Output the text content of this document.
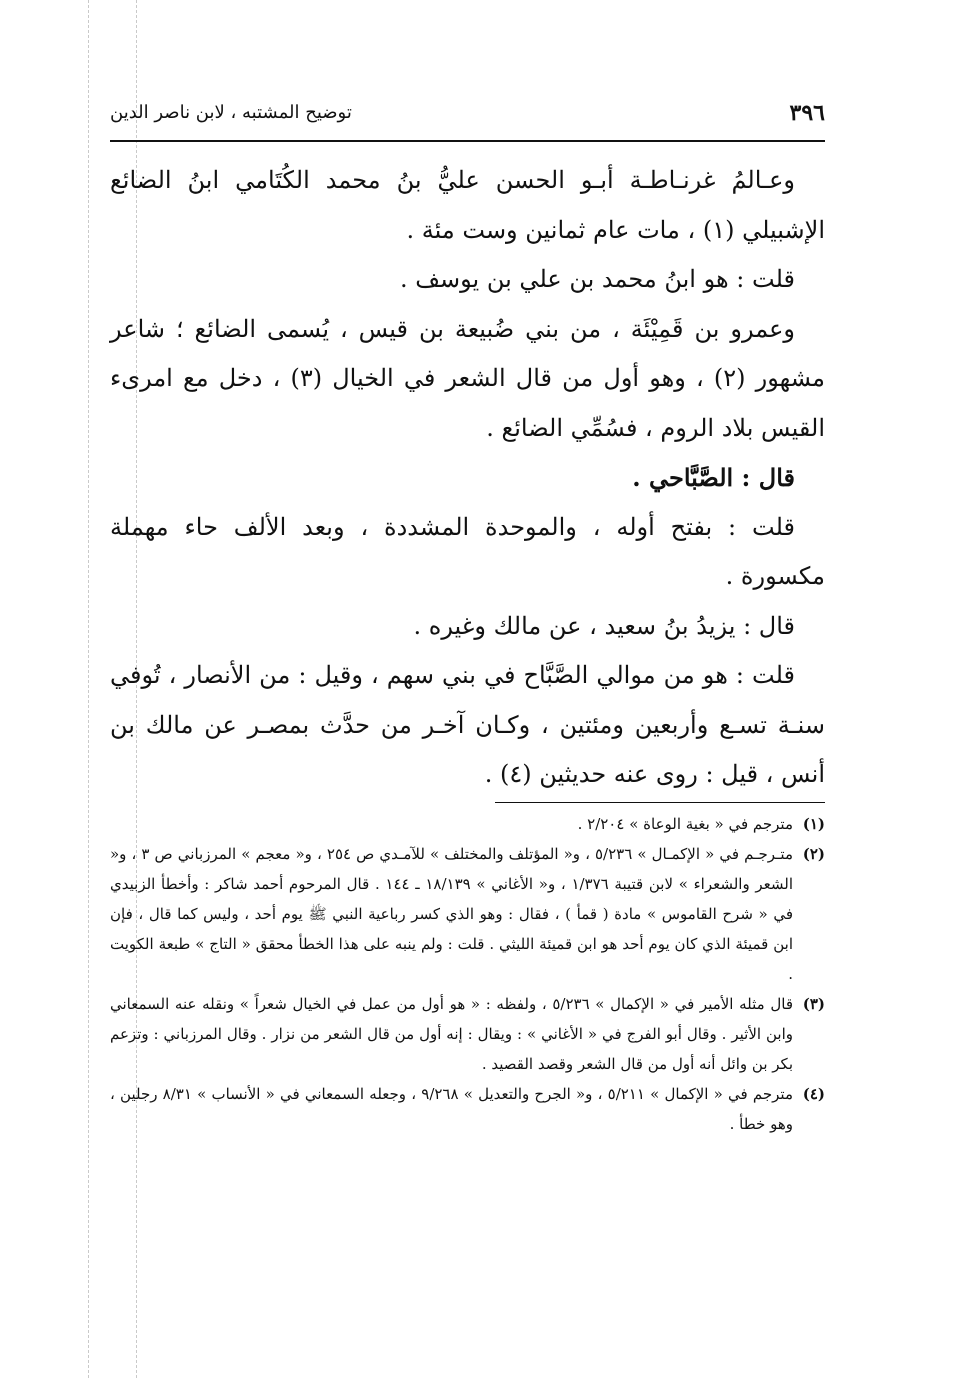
٣٩٦
توضيح المشتبه ، لابن ناصر الدين

وعـالمُ غرنـاطـة أبـو الحسن عليُّ بنُ محمد الكُتَامي ابنُ الضائع الإشبيلي (١) ، مات عام ثمانين وست مئة .

قلت : هو ابنُ محمد بن علي بن يوسف .

وعمرو بن قَمِيْئَة ، من بني ضُبيعة بن قيس ، يُسمى الضائع ؛ شاعر مشهور (٢) ، وهو أول من قال الشعر في الخيال (٣) ، دخل مع امرىء القيس بلاد الروم ، فسُمِّي الضائع .

قال : الصَّبَّاحي .

قلت : بفتح أوله ، والموحدة المشددة ، وبعد الألف حاء مهملة مكسورة .

قال : يزيدُ بنُ سعيد ، عن مالك وغيره .

قلت : هو من موالي الصَّبَّاح في بني سهم ، وقيل : من الأنصار ، تُوفي سنـة تسـع وأربعين ومئتين ، وكـان آخـر من حدَّث بمصـر عن مالك بن أنس ، قيل : روى عنه حديثين (٤) .

(١)
مترجم في « بغية الوعاة » ٢/٢٠٤ .
(٢)
متـرجـم في « الإكمـال » ٥/٢٣٦ ، و« المؤتلف والمختلف » للآمـدي ص ٢٥٤ ، و« معجم » المرزباني ص ٣ ، و« الشعر والشعراء » لابن قتيبة ١/٣٧٦ ، و« الأغاني » ١٨/١٣٩ ـ ١٤٤ . قال المرحوم أحمد شاكر : وأخطأ الزبيدي في « شرح القاموس » مادة ( قمأ ) ، فقال : وهو الذي كسر رباعية النبي ﷺ يوم أحد ، وليس كما قال ، فإن ابن قميئة الذي كان يوم أحد هو ابن قميئة الليثي . قلت : ولم ينبه على هذا الخطأ محقق « التاج » طبعة الكويت .
(٣)
قال مثله الأمير في « الإكمال » ٥/٢٣٦ ، ولفظه : « هو أول من عمل في الخيال شعراً » ونقله عنه السمعاني وابن الأثير . وقال أبو الفرج في « الأغاني » : ويقال : إنه أول من قال الشعر من نزار . وقال المرزباني : وتزعم بكر بن وائل أنه أول من قال الشعر وقصد القصيد .
(٤)
مترجم في « الإكمال » ٥/٢١١ ، و« الجرح والتعديل » ٩/٢٦٨ ، وجعله السمعاني في « الأنساب » ٨/٣١ رجلين ، وهو خطأ .
